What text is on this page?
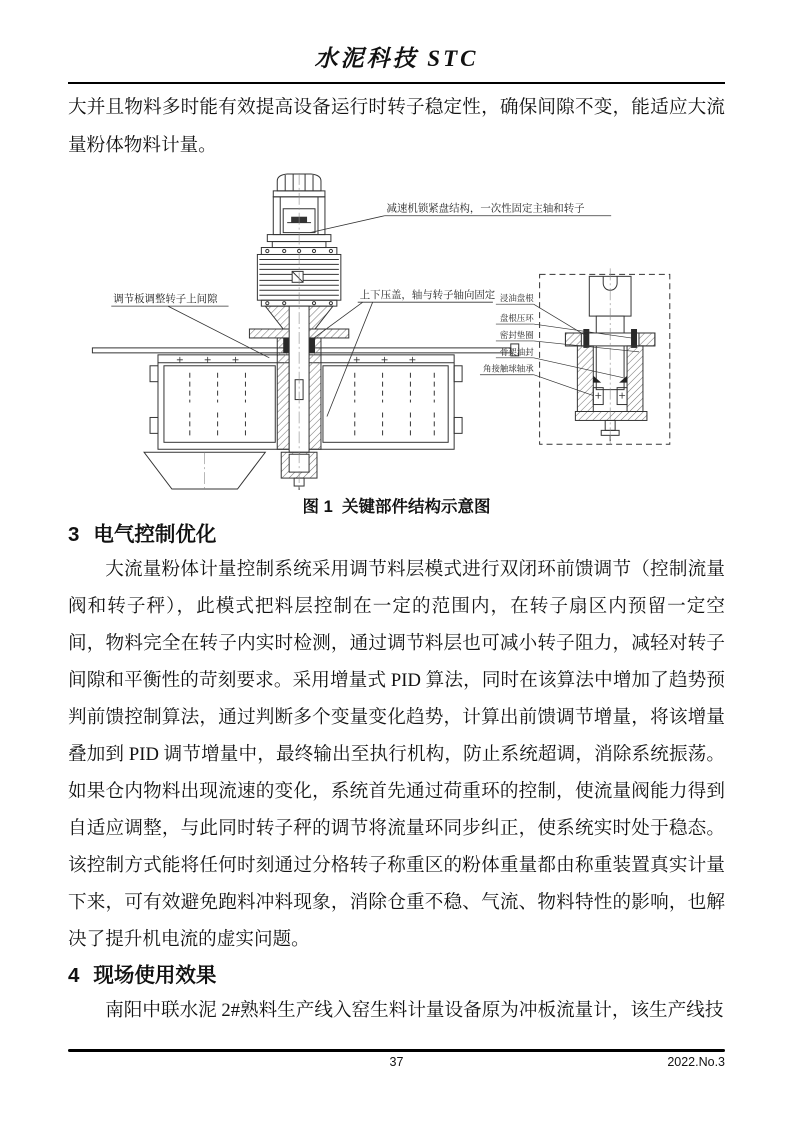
水泥科技 STC

大并且物料多时能有效提高设备运行时转子稳定性，确保间隙不变，能适应大流量粉体物料计量。

减速机锁紧盘结构，一次性固定主轴和转子
调节板调整转子上间隙	上下压盖，轴与转子轴向固定 浸油盘根
盘根压环
密封垫圈
骨架油封
角接触球轴承
图 1  关键部件结构示意图
3 电气控制优化

大流量粉体计量控制系统采用调节料层模式进行双闭环前馈调节（控制流量阀和转子秤），此模式把料层控制在一定的范围内，在转子扇区内预留一定空间，物料完全在转子内实时检测，通过调节料层也可减小转子阻力，减轻对转子间隙和平衡性的苛刻要求。采用增量式 PID 算法，同时在该算法中增加了趋势预判前馈控制算法，通过判断多个变量变化趋势，计算出前馈调节增量，将该增量叠加到 PID 调节增量中，最终输出至执行机构，防止系统超调，消除系统振荡。如果仓内物料出现流速的变化，系统首先通过荷重环的控制，使流量阀能力得到自适应调整，与此同时转子秤的调节将流量环同步纠正，使系统实时处于稳态。该控制方式能将任何时刻通过分格转子称重区的粉体重量都由称重装置真实计量下来，可有效避免跑料冲料现象，消除仓重不稳、气流、物料特性的影响，也解决了提升机电流的虚实问题。

4 现场使用效果

南阳中联水泥 2#熟料生产线入窑生料计量设备原为冲板流量计，该生产线技

37	2022.No.3
